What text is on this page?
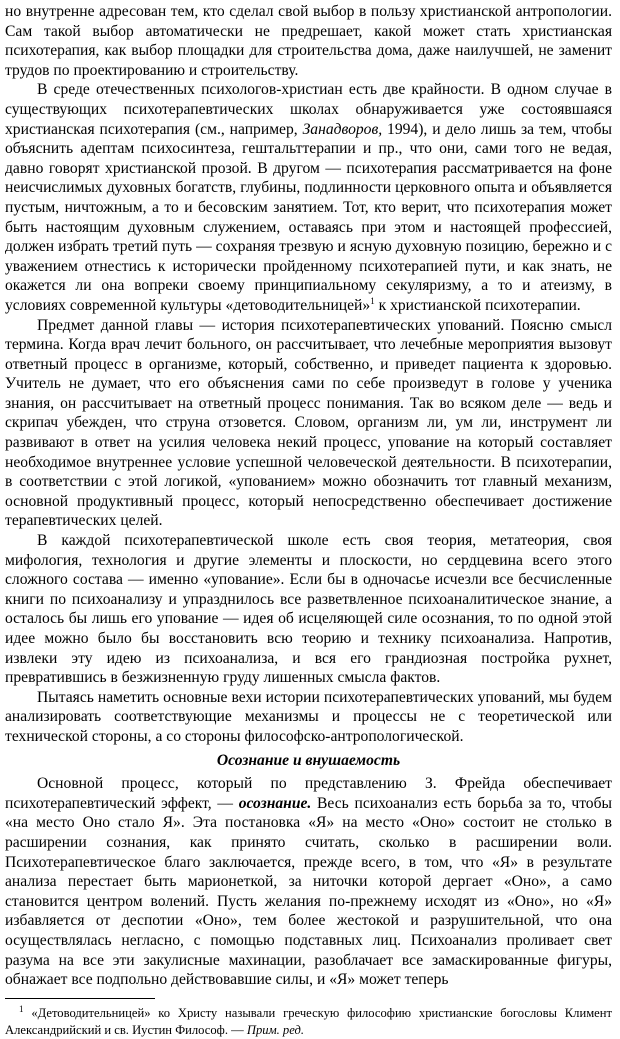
но внутренне адресован тем, кто сделал свой выбор в пользу христианской антропологии. Сам такой выбор автоматически не предрешает, какой может стать христианская психотерапия, как выбор площадки для строительства дома, даже наилучшей, не заменит трудов по проектированию и строительству.

В среде отечественных психологов-христиан есть две крайности. В одном случае в существующих психотерапевтических школах обнаруживается уже состоявшаяся христианская психотерапия (см., например, Занадворов, 1994), и дело лишь за тем, чтобы объяснить адептам психосинтеза, гештальттерапии и пр., что они, сами того не ведая, давно говорят христианской прозой. В другом — психотерапия рассматривается на фоне неисчислимых духовных богатств, глубины, подлинности церковного опыта и объявляется пустым, ничтожным, а то и бесовским занятием. Тот, кто верит, что психотерапия может быть настоящим духовным служением, оставаясь при этом и настоящей профессией, должен избрать третий путь — сохраняя трезвую и ясную духовную позицию, бережно и с уважением отнестись к исторически пройденному психотерапией пути, и как знать, не окажется ли она вопреки своему принципиальному секуляризму, а то и атеизму, в условиях современной культуры «детоводительницей»$^1$ к христианской психотерапии.

Предмет данной главы — история психотерапевтических упований. Поясню смысл термина. Когда врач лечит больного, он рассчитывает, что лечебные мероприятия вызовут ответный процесс в организме, который, собственно, и приведет пациента к здоровью. Учитель не думает, что его объяснения сами по себе произведут в голове у ученика знания, он рассчитывает на ответный процесс понимания. Так во всяком деле — ведь и скрипач убежден, что струна отзовется. Словом, организм ли, ум ли, инструмент ли развивают в ответ на усилия человека некий процесс, упование на который составляет необходимое внутреннее условие успешной человеческой деятельности. В психотерапии, в соответствии с этой логикой, «упованием» можно обозначить тот главный механизм, основной продуктивный процесс, который непосредственно обеспечивает достижение терапевтических целей.

В каждой психотерапевтической школе есть своя теория, метатеория, своя мифология, технология и другие элементы и плоскости, но сердцевина всего этого сложного состава — именно «упование». Если бы в одночасье исчезли все бесчисленные книги по психоанализу и упразднилось все разветвленное психоаналитическое знание, а осталось бы лишь его упование — идея об исцеляющей силе осознания, то по одной этой идее можно было бы восстановить всю теорию и технику психоанализа. Напротив, извлеки эту идею из психоанализа, и вся его грандиозная постройка рухнет, превратившись в безжизненную груду лишенных смысла фактов.

Пытаясь наметить основные вехи истории психотерапевтических упований, мы будем анализировать соответствующие механизмы и процессы не с теоретической или технической стороны, а со стороны философско-антропологической.

Осознание и внушаемость

Основной процесс, который по представлению З. Фрейда обеспечивает психотерапевтический эффект, — осознание. Весь психоанализ есть борьба за то, чтобы «на место Оно стало Я». Эта постановка «Я» на место «Оно» состоит не столько в расширении сознания, как принято считать, сколько в расширении воли. Психотерапевтическое благо заключается, прежде всего, в том, что «Я» в результате анализа перестает быть марионеткой, за ниточки которой дергает «Оно», а само становится центром волений. Пусть желания по-прежнему исходят из «Оно», но «Я» избавляется от деспотии «Оно», тем более жестокой и разрушительной, что она осуществлялась негласно, с помощью подставных лиц. Психоанализ проливает свет разума на все эти закулисные махинации, разоблачает все замаскированные фигуры, обнажает все подпольно действовавшие силы, и «Я» может теперь

$^1$ «Детоводительницей» ко Христу называли греческую философию христианские богословы Климент Александрийский и св. Иустин Философ. — Прим. ред.
